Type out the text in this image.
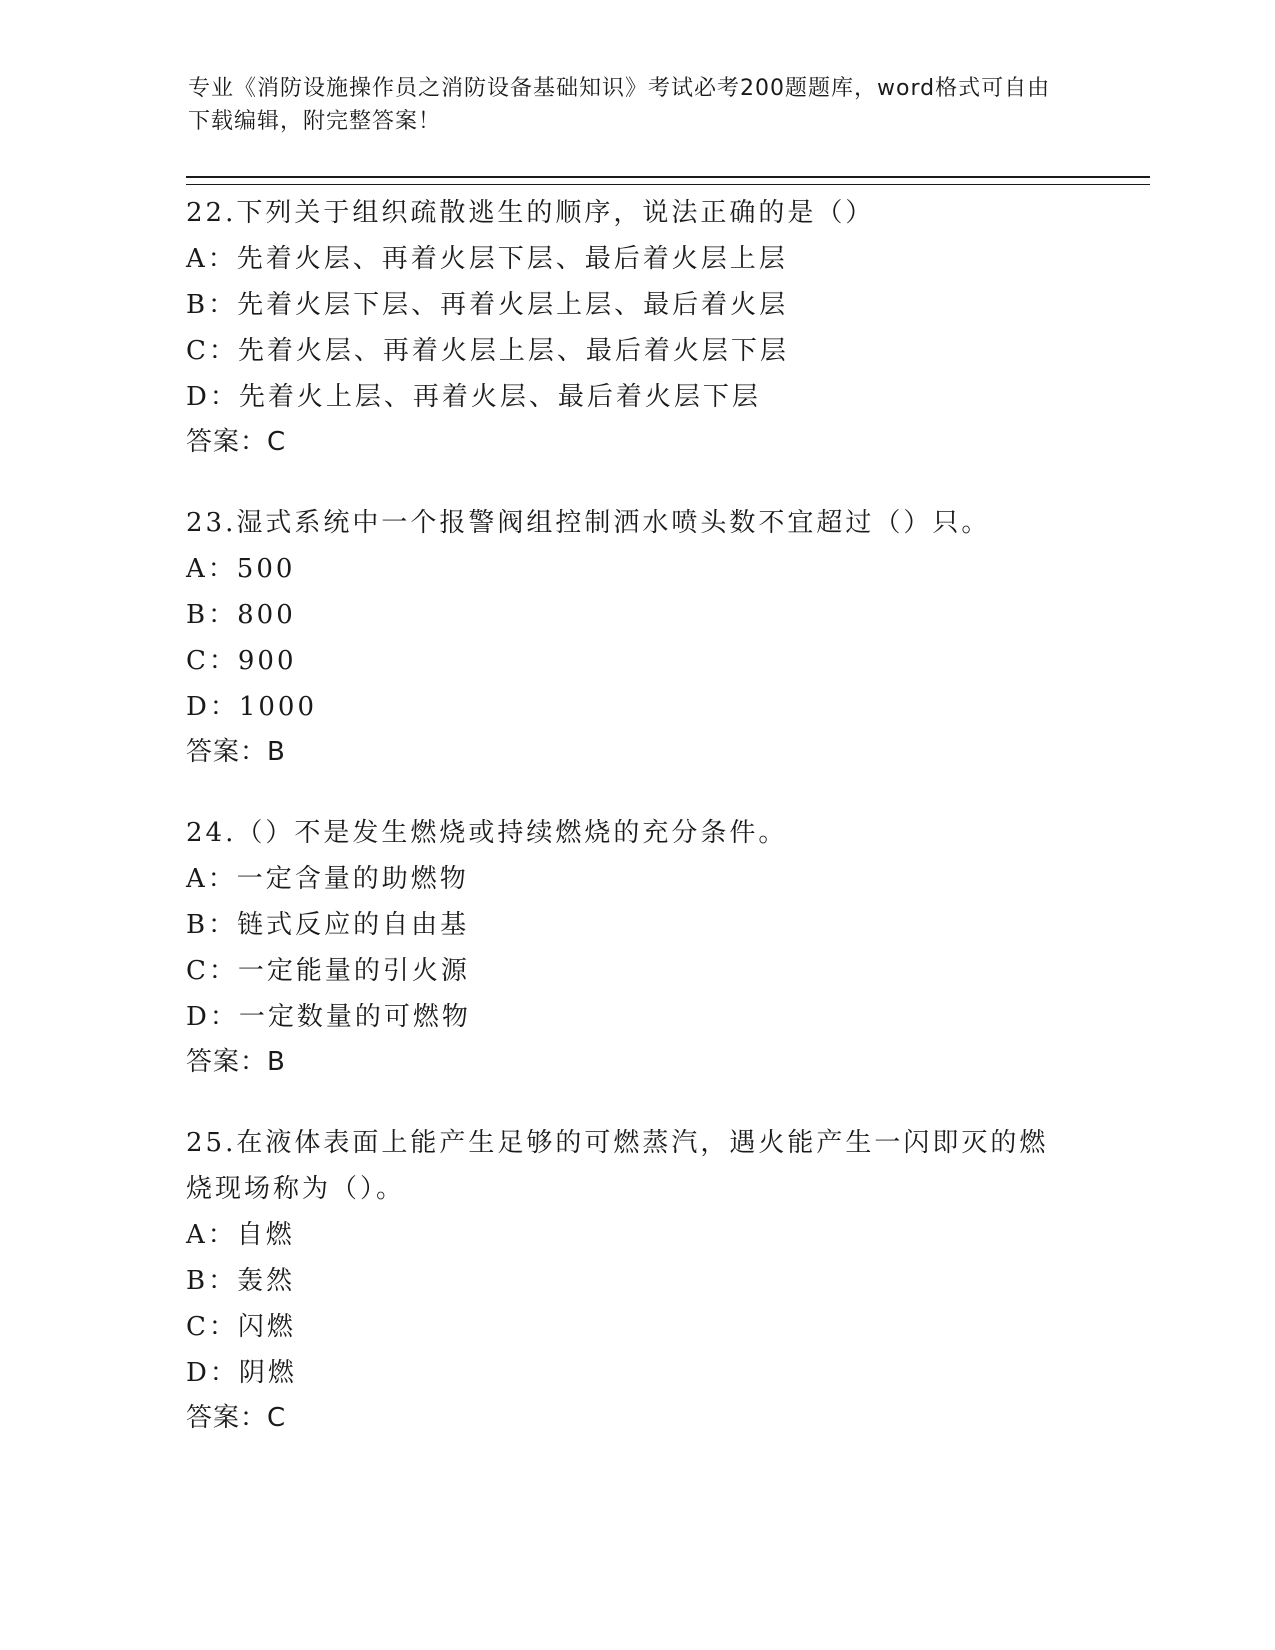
专业《消防设施操作员之消防设备基础知识》考试必考200题题库，word格式可自由下载编辑，附完整答案！
22.下列关于组织疏散逃生的顺序，说法正确的是（）
A：先着火层、再着火层下层、最后着火层上层
B：先着火层下层、再着火层上层、最后着火层
C：先着火层、再着火层上层、最后着火层下层
D：先着火上层、再着火层、最后着火层下层
答案：C
23.湿式系统中一个报警阀组控制洒水喷头数不宜超过（）只。
A：500
B：800
C：900
D：1000
答案：B
24.（）不是发生燃烧或持续燃烧的充分条件。
A：一定含量的助燃物
B：链式反应的自由基
C：一定能量的引火源
D：一定数量的可燃物
答案：B
25.在液体表面上能产生足够的可燃蒸汽，遇火能产生一闪即灭的燃烧现场称为（）。
A：自燃
B：轰然
C：闪燃
D：阴燃
答案：C
